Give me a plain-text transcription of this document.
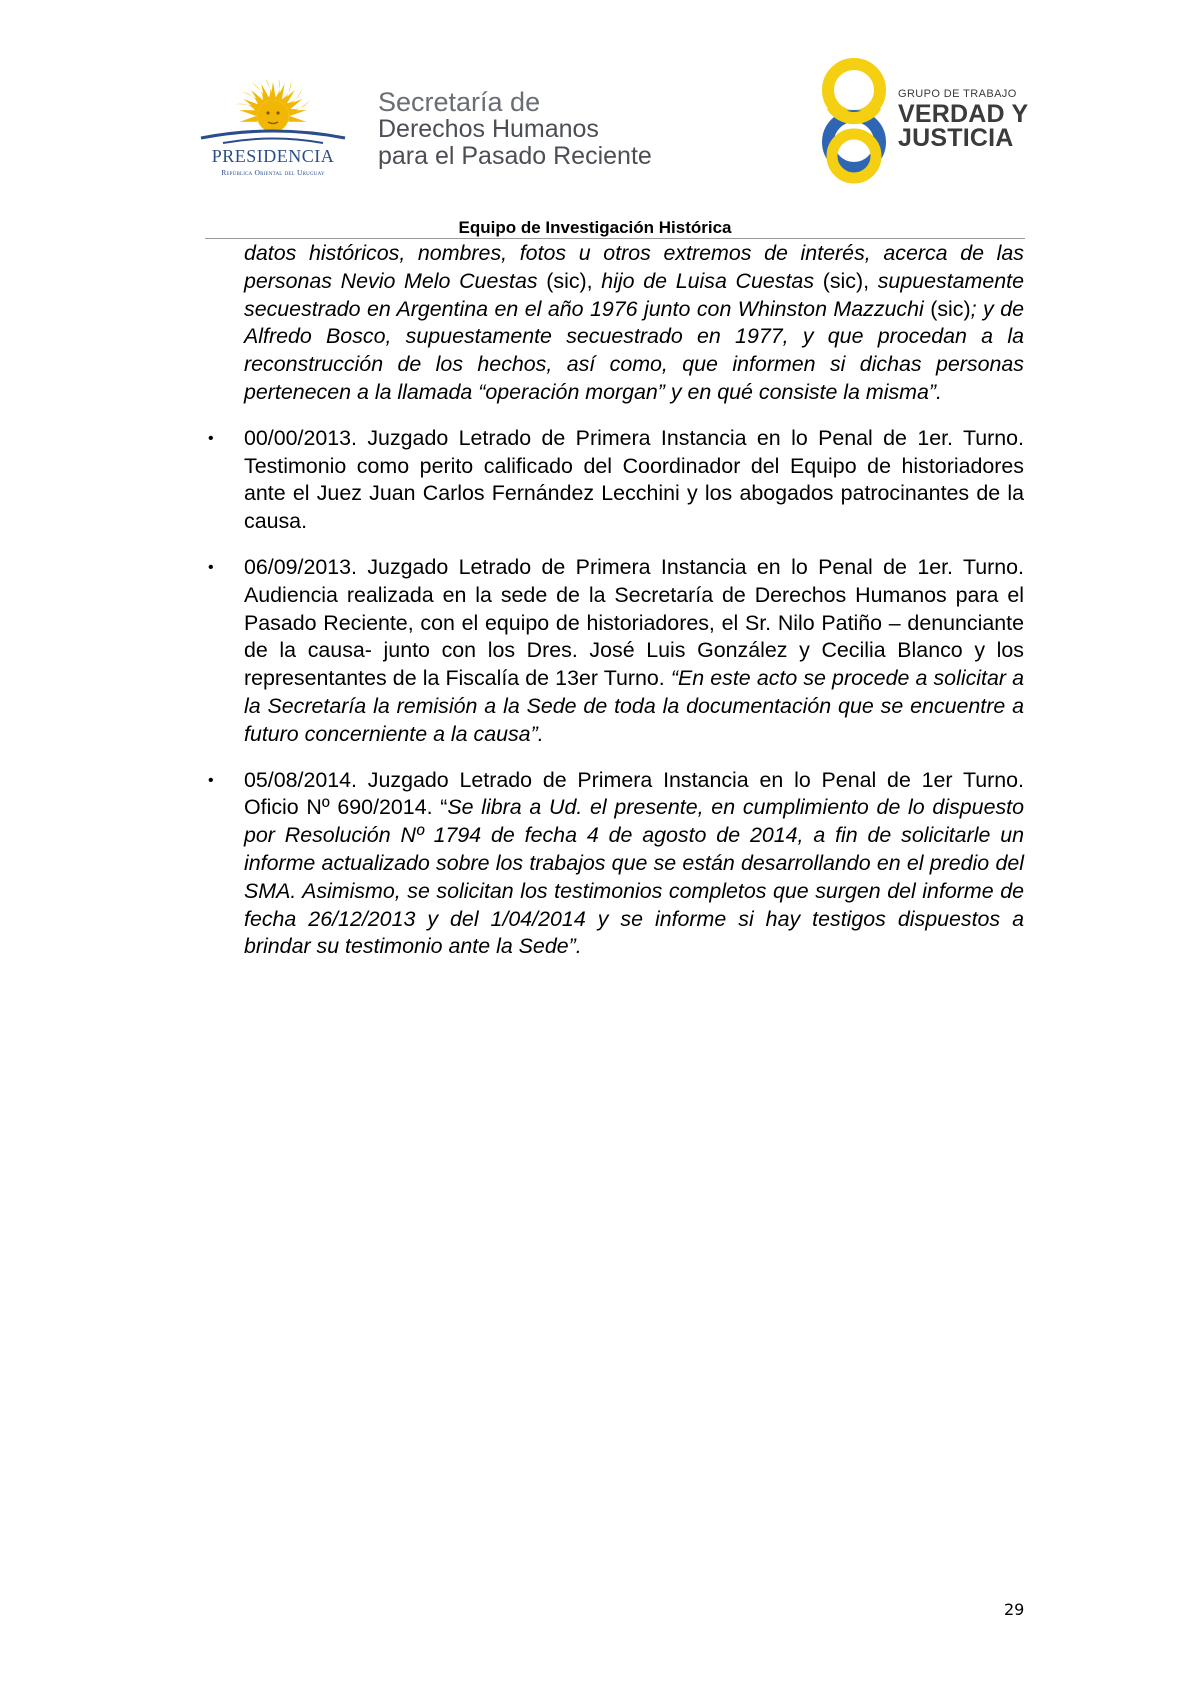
PRESIDENCIA
República Oriental del Uruguay
Secretaría de
Derechos Humanos
para el Pasado Reciente
GRUPO DE TRABAJO
VERDAD Y
JUSTICIA
Equipo de Investigación Histórica

datos históricos, nombres, fotos u otros extremos de interés, acerca de las personas Nevio Melo Cuestas (sic), hijo de Luisa Cuestas (sic), supuestamente secuestrado en Argentina en el año 1976 junto con Whinston Mazzuchi (sic); y de Alfredo Bosco, supuestamente secuestrado en 1977, y que procedan a la reconstrucción de los hechos, así como, que informen si dichas personas pertenecen a la llamada “operación morgan” y en qué consiste la misma”.

• 00/00/2013. Juzgado Letrado de Primera Instancia en lo Penal de 1er. Turno. Testimonio como perito calificado del Coordinador del Equipo de historiadores ante el Juez Juan Carlos Fernández Lecchini y los abogados patrocinantes de la causa.

• 06/09/2013. Juzgado Letrado de Primera Instancia en lo Penal de 1er. Turno. Audiencia realizada en la sede de la Secretaría de Derechos Humanos para el Pasado Reciente, con el equipo de historiadores, el Sr. Nilo Patiño – denunciante de la causa- junto con los Dres. José Luis González y Cecilia Blanco y los representantes de la Fiscalía de 13er Turno. “En este acto se procede a solicitar a la Secretaría la remisión a la Sede de toda la documentación que se encuentre a futuro concerniente a la causa”.

• 05/08/2014. Juzgado Letrado de Primera Instancia en lo Penal de 1er Turno. Oficio Nº 690/2014. “Se libra a Ud. el presente, en cumplimiento de lo dispuesto por Resolución Nº 1794 de fecha 4 de agosto de 2014, a fin de solicitarle un informe actualizado sobre los trabajos que se están desarrollando en el predio del SMA. Asimismo, se solicitan los testimonios completos que surgen del informe de fecha 26/12/2013 y del 1/04/2014 y se informe si hay testigos dispuestos a brindar su testimonio ante la Sede”.

29
